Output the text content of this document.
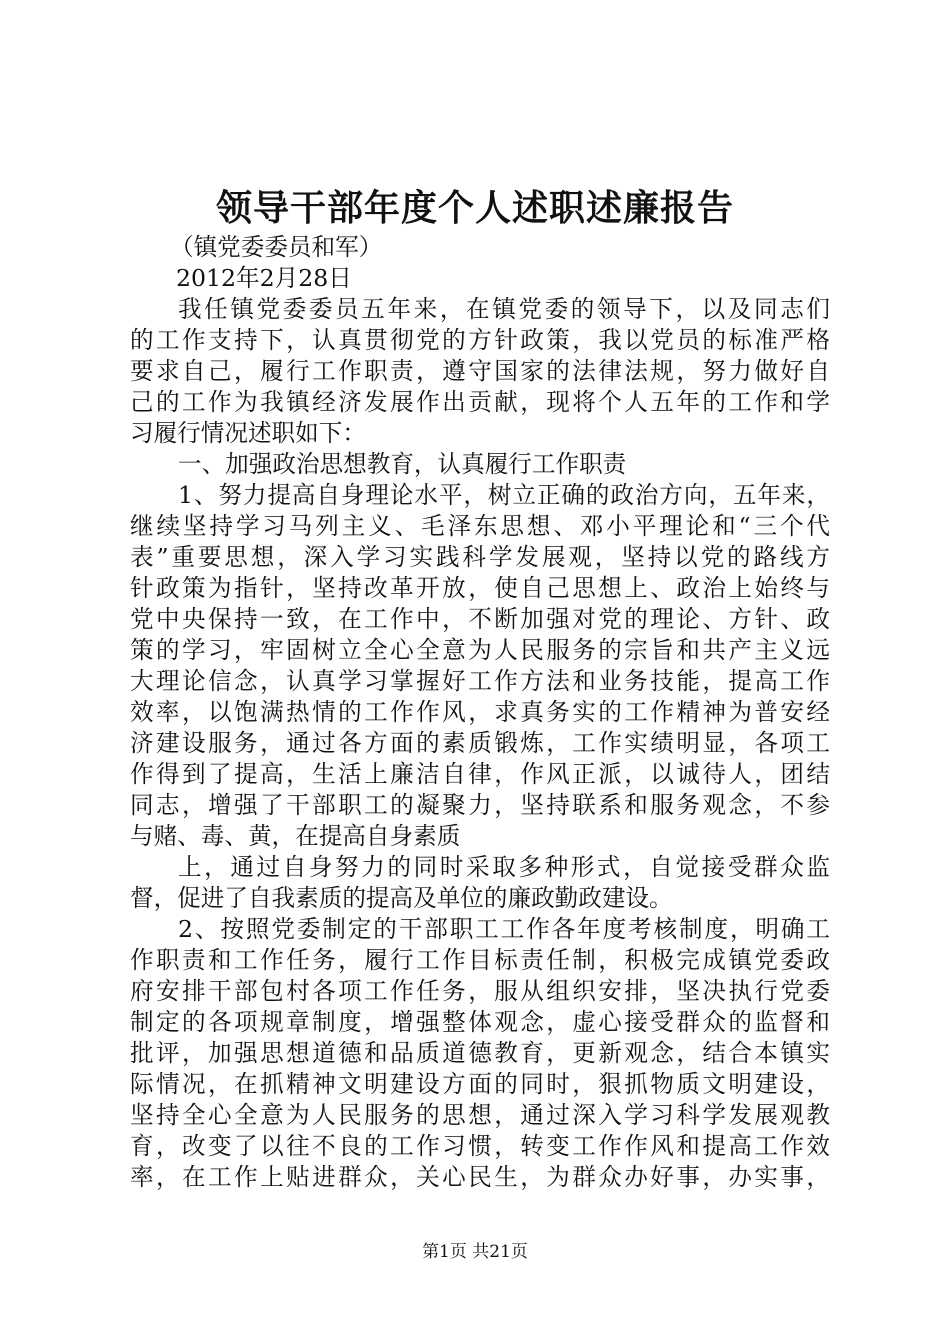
领导干部年度个人述职述廉报告
（镇党委委员和军）
2012年2月28日
我任镇党委委员五年来，在镇党委的领导下，以及同志们
的工作支持下，认真贯彻党的方针政策，我以党员的标准严格
要求自己，履行工作职责，遵守国家的法律法规，努力做好自
己的工作为我镇经济发展作出贡献，现将个人五年的工作和学
习履行情况述职如下：
一、加强政治思想教育，认真履行工作职责
1、努力提高自身理论水平，树立正确的政治方向，五年来，
继续坚持学习马列主义、毛泽东思想、邓小平理论和“三个代
表”重要思想，深入学习实践科学发展观，坚持以党的路线方
针政策为指针，坚持改革开放，使自己思想上、政治上始终与
党中央保持一致，在工作中，不断加强对党的理论、方针、政
策的学习，牢固树立全心全意为人民服务的宗旨和共产主义远
大理论信念，认真学习掌握好工作方法和业务技能，提高工作
效率，以饱满热情的工作作风，求真务实的工作精神为普安经
济建设服务，通过各方面的素质锻炼，工作实绩明显，各项工
作得到了提高，生活上廉洁自律，作风正派，以诚待人，团结
同志，增强了干部职工的凝聚力，坚持联系和服务观念，不参
与赌、毒、黄，在提高自身素质
上，通过自身努力的同时采取多种形式，自觉接受群众监
督，促进了自我素质的提高及单位的廉政勤政建设。
2、按照党委制定的干部职工工作各年度考核制度，明确工
作职责和工作任务，履行工作目标责任制，积极完成镇党委政
府安排干部包村各项工作任务，服从组织安排，坚决执行党委
制定的各项规章制度，增强整体观念，虚心接受群众的监督和
批评，加强思想道德和品质道德教育，更新观念，结合本镇实
际情况，在抓精神文明建设方面的同时，狠抓物质文明建设，
坚持全心全意为人民服务的思想，通过深入学习科学发展观教
育，改变了以往不良的工作习惯，转变工作作风和提高工作效
率，在工作上贴进群众，关心民生，为群众办好事，办实事，
第1页 共21页
